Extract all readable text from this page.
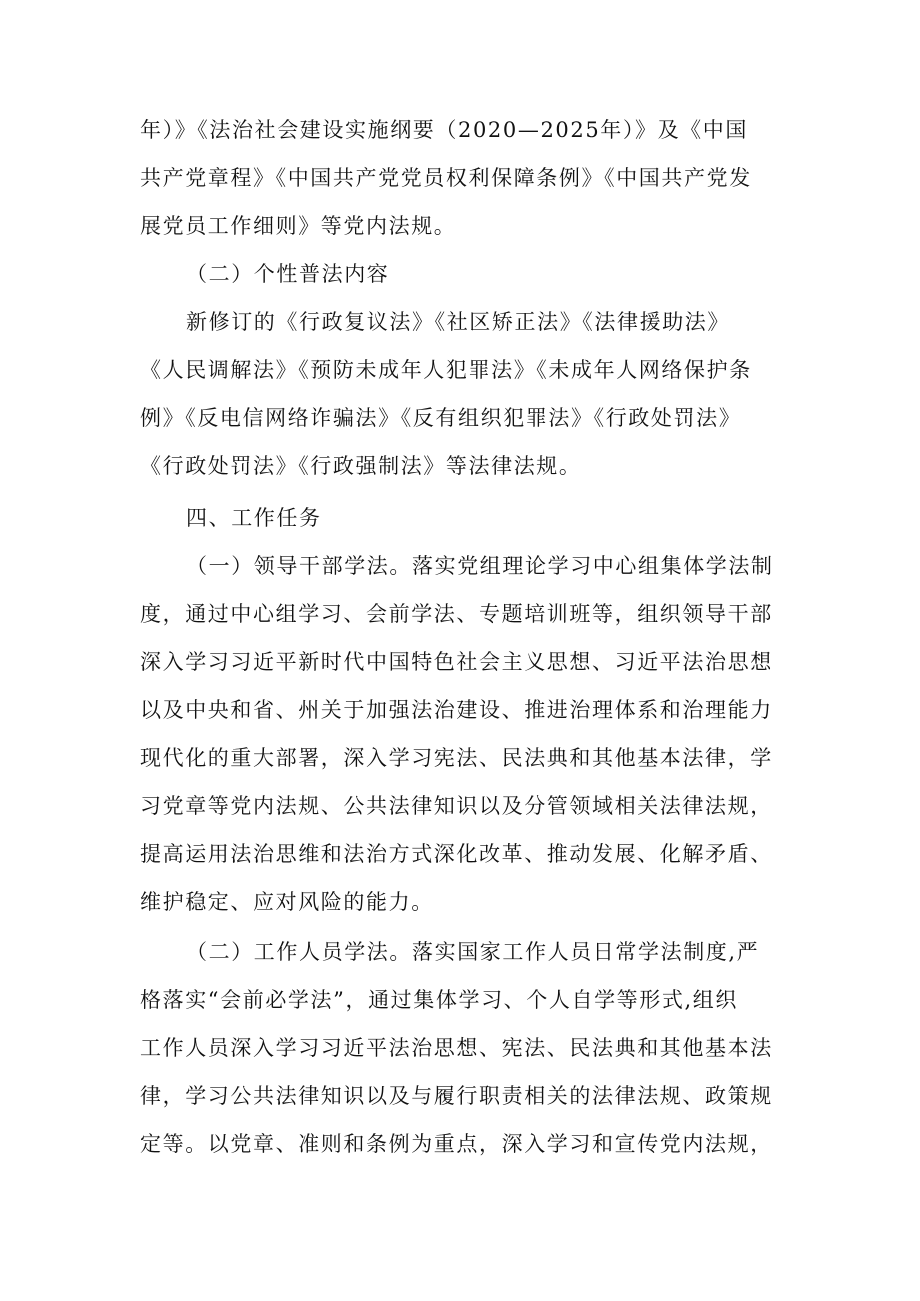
年）》《法治社会建设实施纲要（2020—2025年）》及《中国
共产党章程》《中国共产党党员权利保障条例》《中国共产党发
展党员工作细则》等党内法规。
（二）个性普法内容
新修订的《行政复议法》《社区矫正法》《法律援助法》
《人民调解法》《预防未成年人犯罪法》《未成年人网络保护条
例》《反电信网络诈骗法》《反有组织犯罪法》《行政处罚法》
《行政处罚法》《行政强制法》等法律法规。
四、工作任务
（一）领导干部学法。落实党组理论学习中心组集体学法制
度，通过中心组学习、会前学法、专题培训班等，组织领导干部
深入学习习近平新时代中国特色社会主义思想、习近平法治思想
以及中央和省、州关于加强法治建设、推进治理体系和治理能力
现代化的重大部署，深入学习宪法、民法典和其他基本法律，学
习党章等党内法规、公共法律知识以及分管领域相关法律法规，
提高运用法治思维和法治方式深化改革、推动发展、化解矛盾、
维护稳定、应对风险的能力。
（二）工作人员学法。落实国家工作人员日常学法制度,严
格落实“会前必学法”，通过集体学习、个人自学等形式,组织
工作人员深入学习习近平法治思想、宪法、民法典和其他基本法
律，学习公共法律知识以及与履行职责相关的法律法规、政策规
定等。以党章、准则和条例为重点，深入学习和宣传党内法规，
